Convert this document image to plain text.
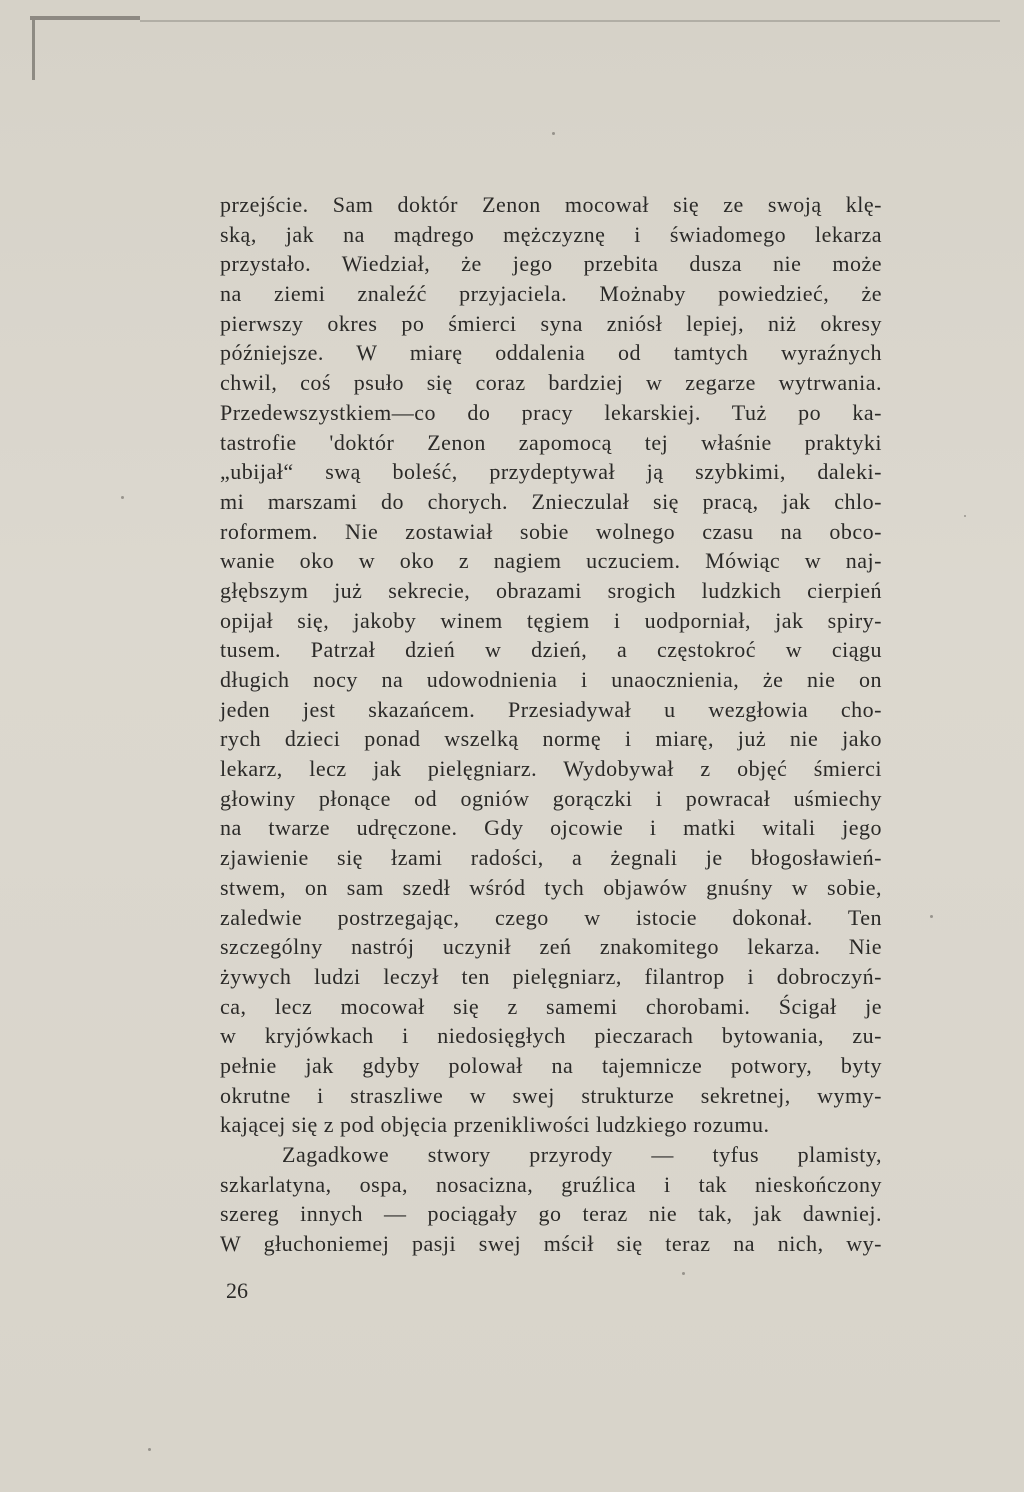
przejście. Sam doktór Zenon mocował się ze swoją klę-
ską, jak na mądrego mężczyznę i świadomego lekarza
przystało. Wiedział, że jego przebita dusza nie może
na ziemi znaleźć przyjaciela. Możnaby powiedzieć, że
pierwszy okres po śmierci syna zniósł lepiej, niż okresy
późniejsze. W miarę oddalenia od tamtych wyraźnych
chwil, coś psuło się coraz bardziej w zegarze wytrwania.
Przedewszystkiem—co do pracy lekarskiej. Tuż po ka-
tastrofie 'doktór Zenon zapomocą tej właśnie praktyki
„ubijał“ swą boleść, przydeptywał ją szybkimi, daleki-
mi marszami do chorych. Znieczulał się pracą, jak chlo-
roformem. Nie zostawiał sobie wolnego czasu na obco-
wanie oko w oko z nagiem uczuciem. Mówiąc w naj-
głębszym już sekrecie, obrazami srogich ludzkich cierpień
opijał się, jakoby winem tęgiem i uodporniał, jak spiry-
tusem. Patrzał dzień w dzień, a częstokroć w ciągu
długich nocy na udowodnienia i unaocznienia, że nie on
jeden jest skazańcem. Przesiadywał u wezgłowia cho-
rych dzieci ponad wszelką normę i miarę, już nie jako
lekarz, lecz jak pielęgniarz. Wydobywał z objęć śmierci
głowiny płonące od ogniów gorączki i powracał uśmiechy
na twarze udręczone. Gdy ojcowie i matki witali jego
zjawienie się łzami radości, a żegnali je błogosławień-
stwem, on sam szedł wśród tych objawów gnuśny w sobie,
zaledwie postrzegając, czego w istocie dokonał. Ten
szczególny nastrój uczynił zeń znakomitego lekarza. Nie
żywych ludzi leczył ten pielęgniarz, filantrop i dobroczyń-
ca, lecz mocował się z samemi chorobami. Ścigał je
w kryjówkach i niedosięgłych pieczarach bytowania, zu-
pełnie jak gdyby polował na tajemnicze potwory, byty
okrutne i straszliwe w swej strukturze sekretnej, wymy-
kającej się z pod objęcia przenikliwości ludzkiego rozumu.
Zagadkowe stwory przyrody — tyfus plamisty,
szkarlatyna, ospa, nosacizna, gruźlica i tak nieskończony
szereg innych — pociągały go teraz nie tak, jak dawniej.
W głuchoniemej pasji swej mścił się teraz na nich, wy-
26
